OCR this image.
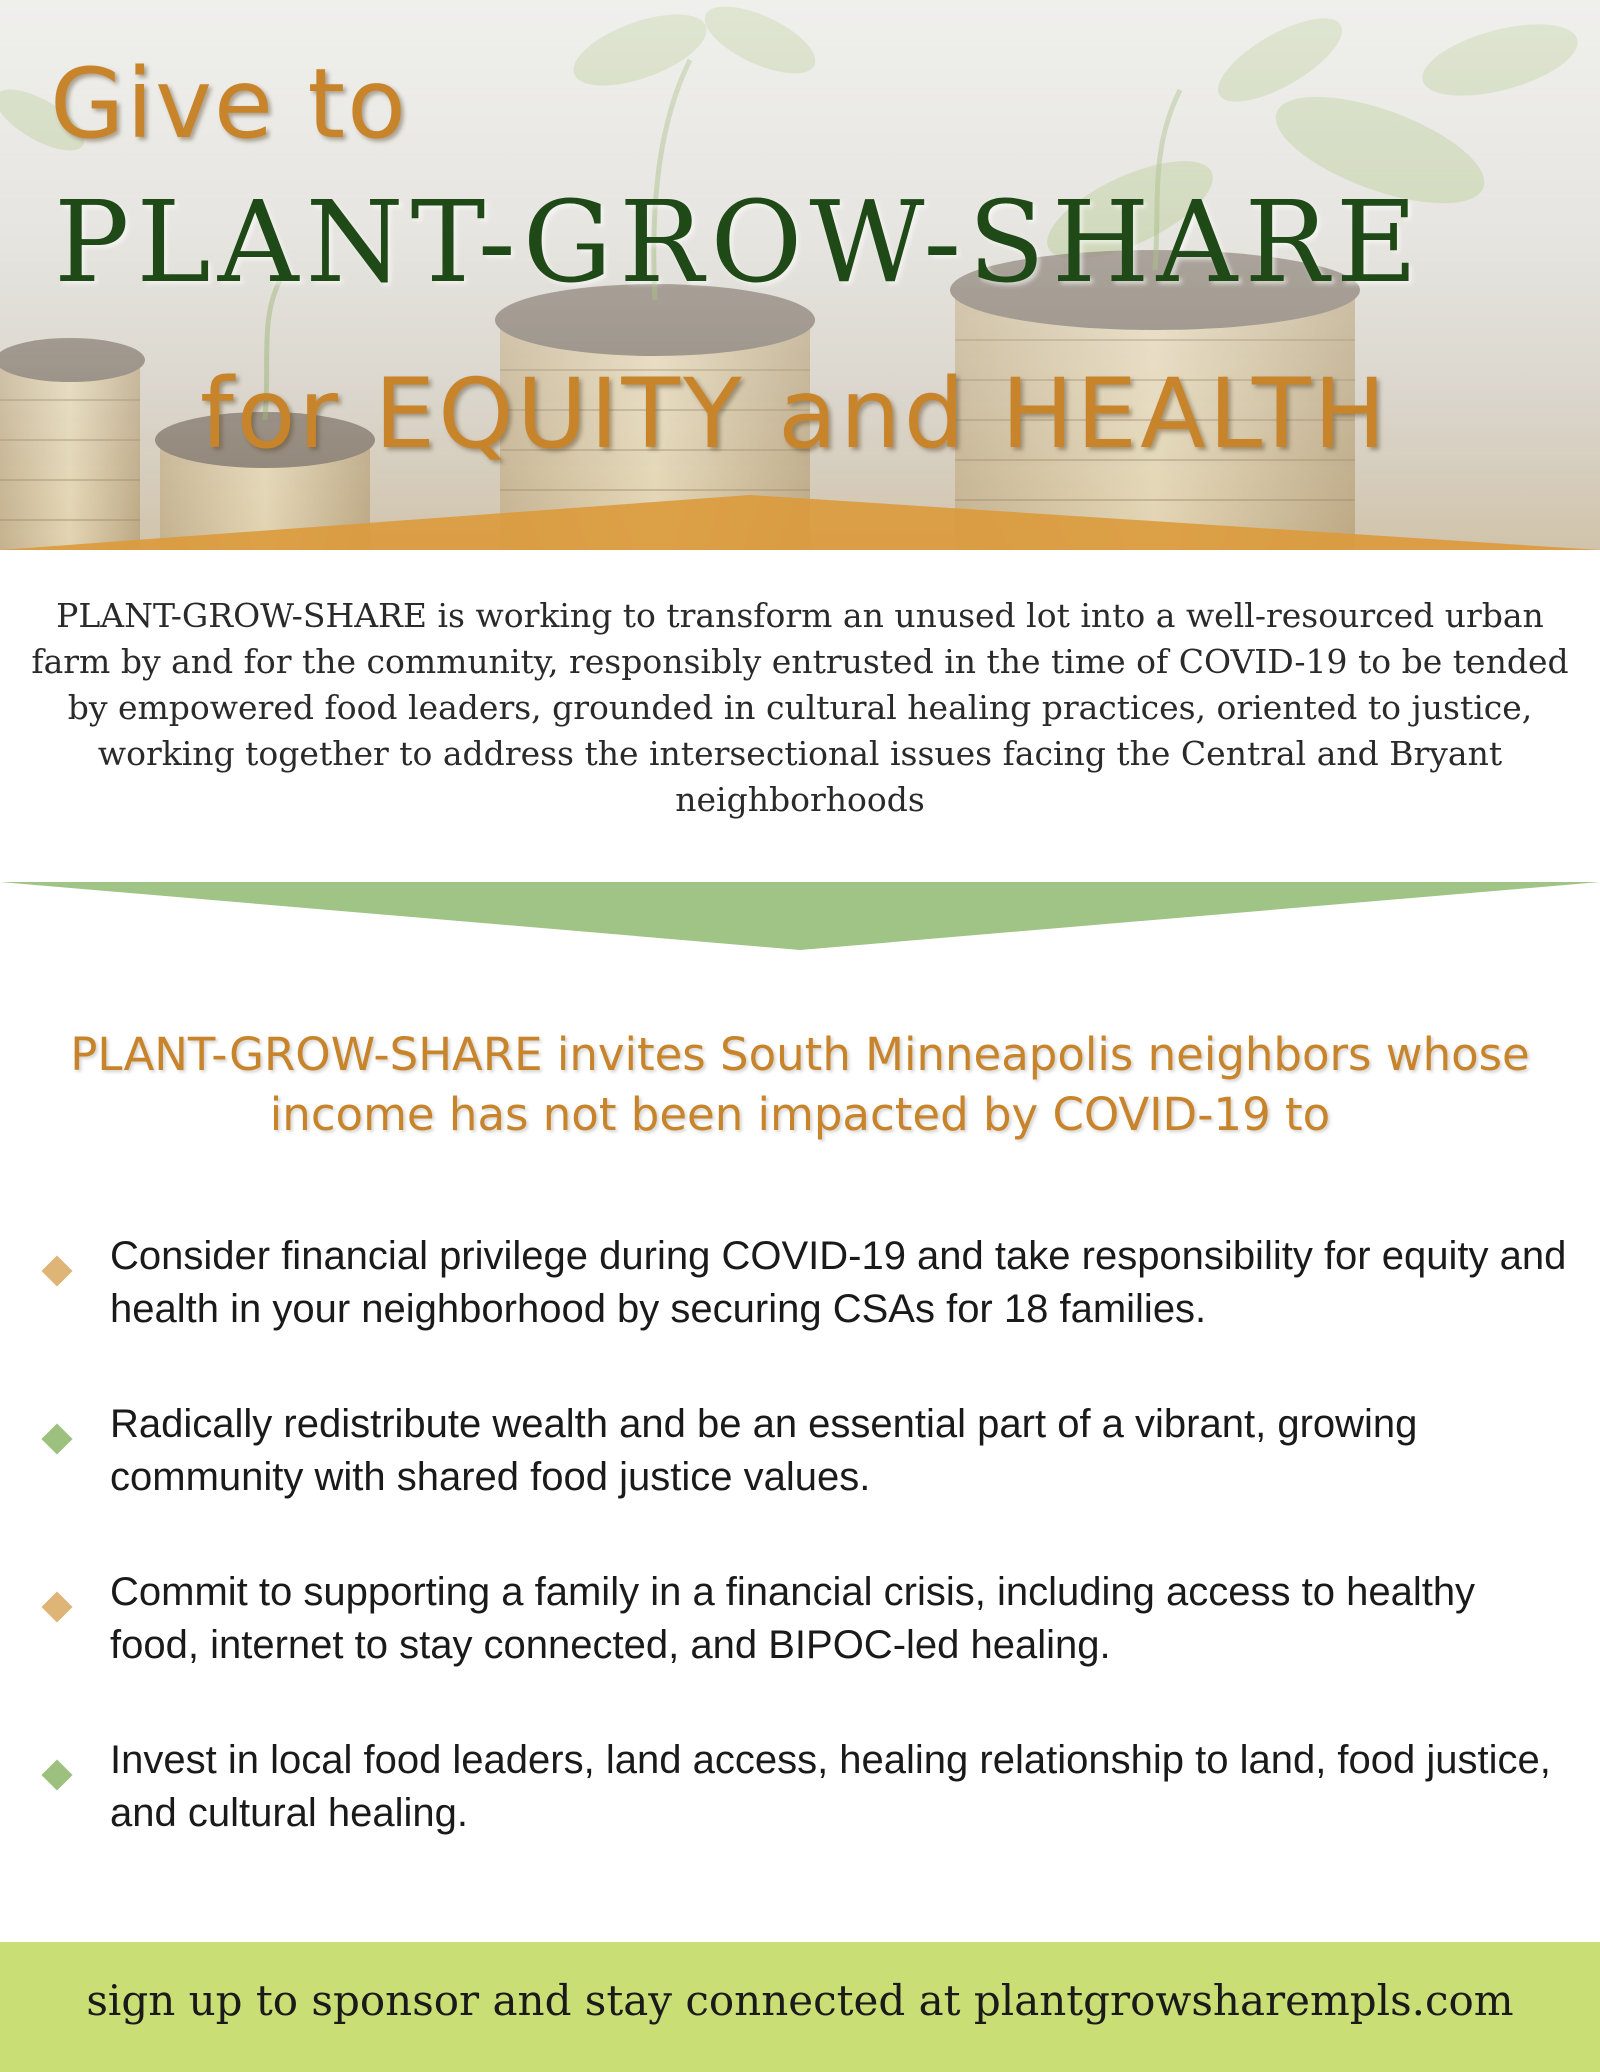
Give to
PLANT-GROW-SHARE
for EQUITY and HEALTH

PLANT-GROW-SHARE is working to transform an unused lot into a well-resourced urban farm by and for the community, responsibly entrusted in the time of COVID-19 to be tended by empowered food leaders, grounded in cultural healing practices, oriented to justice, working together to address the intersectional issues facing the Central and Bryant neighborhoods

PLANT-GROW-SHARE invites South Minneapolis neighbors whose income has not been impacted by COVID-19 to

Consider financial privilege during COVID-19 and take responsibility for equity and health in your neighborhood by securing CSAs for 18 families.
Radically redistribute wealth and be an essential part of a vibrant, growing community with shared food justice values.
Commit to supporting a family in a financial crisis, including access to healthy food, internet to stay connected, and BIPOC-led healing.
Invest in local food leaders, land access, healing relationship to land, food justice, and cultural healing.
sign up to sponsor and stay connected at plantgrowsharempls.com
